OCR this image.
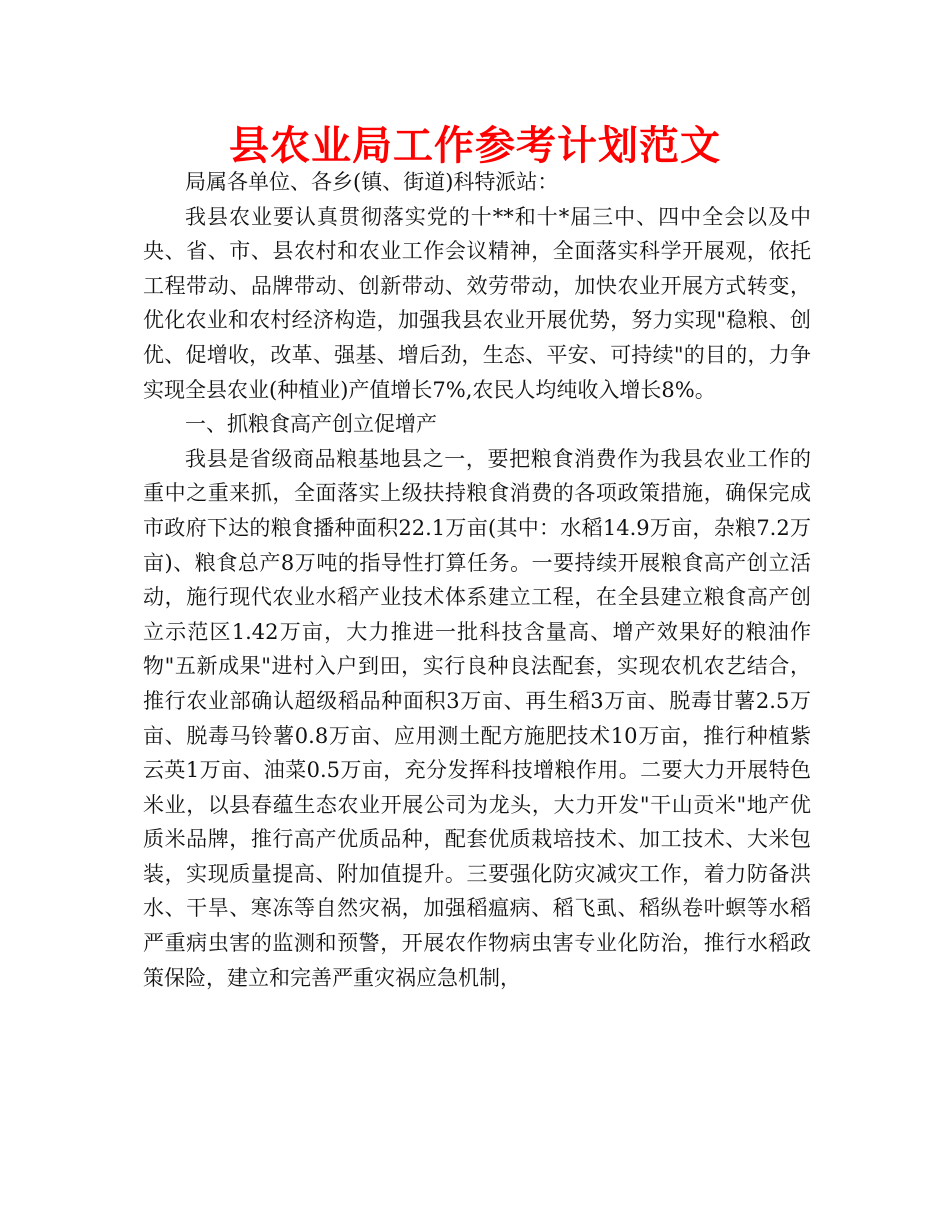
县农业局工作参考计划范文

局属各单位、各乡(镇、街道)科特派站：

我县农业要认真贯彻落实党的十**和十*届三中、四中全会以及中央、省、市、县农村和农业工作会议精神，全面落实科学开展观，依托工程带动、品牌带动、创新带动、效劳带动，加快农业开展方式转变，优化农业和农村经济构造，加强我县农业开展优势，努力实现"稳粮、创优、促增收，改革、强基、增后劲，生态、平安、可持续"的目的，力争实现全县农业(种植业)产值增长7%,农民人均纯收入增长8%。

一、抓粮食高产创立促增产

我县是省级商品粮基地县之一，要把粮食消费作为我县农业工作的重中之重来抓，全面落实上级扶持粮食消费的各项政策措施，确保完成市政府下达的粮食播种面积22.1万亩(其中：水稻14.9万亩，杂粮7.2万亩)、粮食总产8万吨的指导性打算任务。一要持续开展粮食高产创立活动，施行现代农业水稻产业技术体系建立工程，在全县建立粮食高产创立示范区1.42万亩，大力推进一批科技含量高、增产效果好的粮油作物"五新成果"进村入户到田，实行良种良法配套，实现农机农艺结合，推行农业部确认超级稻品种面积3万亩、再生稻3万亩、脱毒甘薯2.5万亩、脱毒马铃薯0.8万亩、应用测土配方施肥技术10万亩，推行种植紫云英1万亩、油菜0.5万亩，充分发挥科技增粮作用。二要大力开展特色米业，以县春蕴生态农业开展公司为龙头，大力开发"干山贡米"地产优质米品牌，推行高产优质品种，配套优质栽培技术、加工技术、大米包装，实现质量提高、附加值提升。三要强化防灾减灾工作，着力防备洪水、干旱、寒冻等自然灾祸，加强稻瘟病、稻飞虱、稻纵卷叶螟等水稻严重病虫害的监测和预警，开展农作物病虫害专业化防治，推行水稻政策保险，建立和完善严重灾祸应急机制，
